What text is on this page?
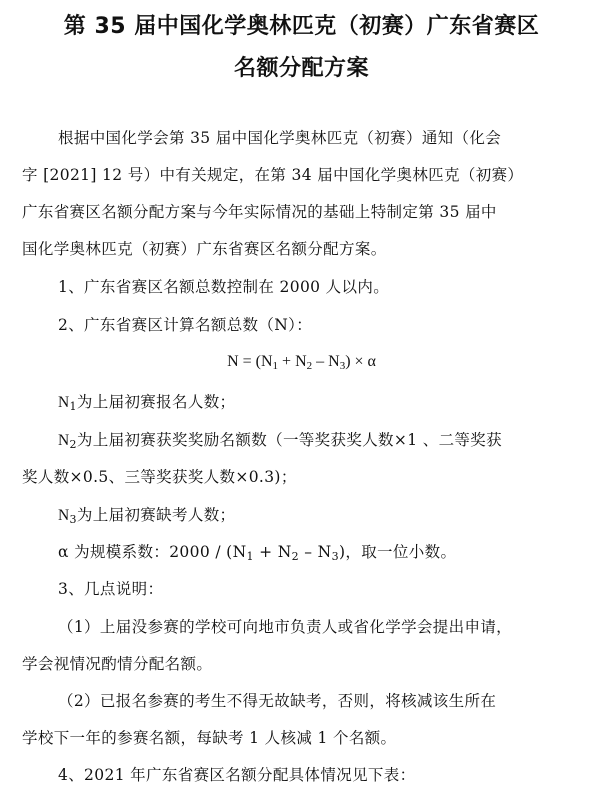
第 35 届中国化学奥林匹克（初赛）广东省赛区
名额分配方案
根据中国化学会第 35 届中国化学奥林匹克（初赛）通知（化会
字 [2021] 12 号）中有关规定，在第 34 届中国化学奥林匹克（初赛）
广东省赛区名额分配方案与今年实际情况的基础上特制定第 35 届中
国化学奥林匹克（初赛）广东省赛区名额分配方案。
1、广东省赛区名额总数控制在 2000 人以内。
2、广东省赛区计算名额总数（N）：
$N = (N_1 + N_2 - N_3) \times \alpha$
$N_1$为上届初赛报名人数；
$N_2$为上届初赛获奖奖励名额数（一等奖获奖人数×1 、二等奖获
奖人数×0.5、三等奖获奖人数×0.3)；
$N_3$为上届初赛缺考人数；
α 为规模系数：$2000 / (N_1 + N_2 - N_3)$，取一位小数。
3、几点说明：
（1）上届没参赛的学校可向地市负责人或省化学学会提出申请，
学会视情况酌情分配名额。
（2）已报名参赛的考生不得无故缺考，否则，将核减该生所在
学校下一年的参赛名额，每缺考 1 人核减 1 个名额。
4、2021 年广东省赛区名额分配具体情况见下表：
